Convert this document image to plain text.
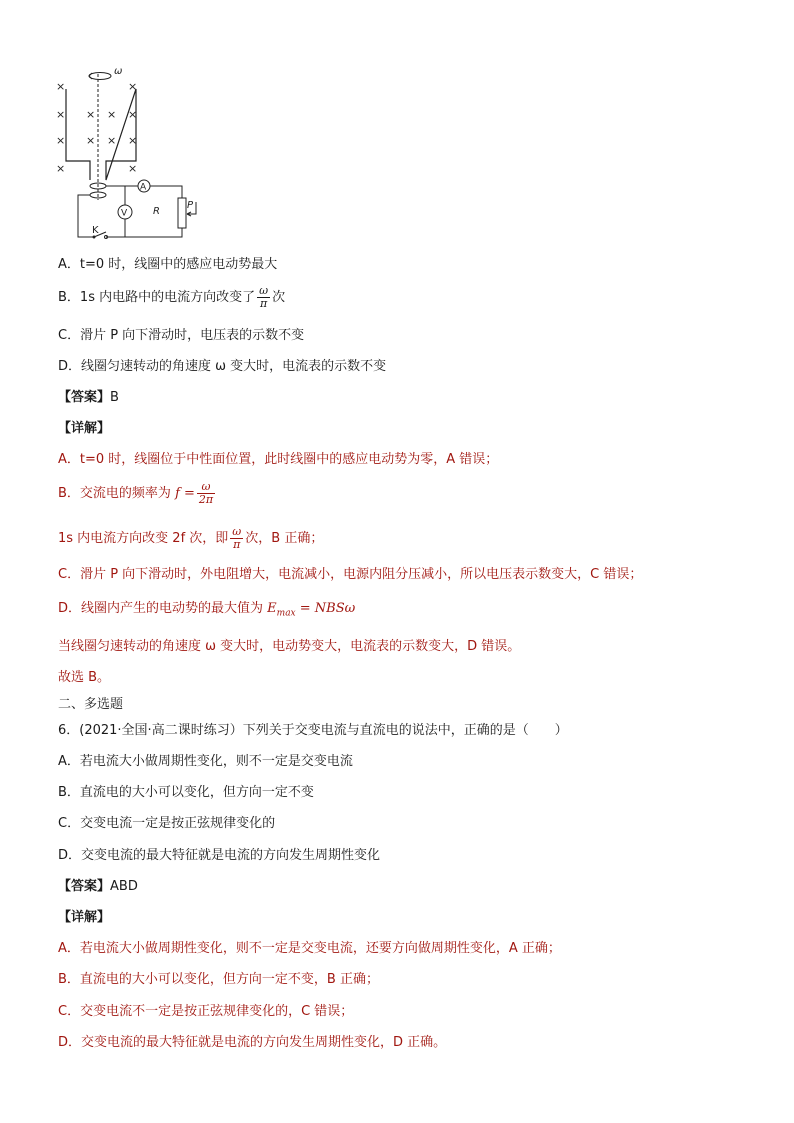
×	×
× × × ×
× × × ×
×	×
ω
K
A
V	R
P
A．t=0 时，线圈中的感应电动势最大
B．1s 内电路中的电流方向改变了 $\frac{\omega}{\pi}$ 次
C．滑片 P 向下滑动时，电压表的示数不变
D．线圈匀速转动的角速度 ω 变大时，电流表的示数不变
【答案】B
【详解】
A．t=0 时，线圈位于中性面位置，此时线圈中的感应电动势为零，A 错误；
B．交流电的频率为 $f = \frac{\omega}{2\pi}$
1s 内电流方向改变 2f 次，即 $\frac{\omega}{\pi}$ 次，B 正确；
C．滑片 P 向下滑动时，外电阻增大，电流减小，电源内阻分压减小，所以电压表示数变大，C 错误；
D．线圈内产生的电动势的最大值为 $E_{max} = NBS\omega$
当线圈匀速转动的角速度 ω 变大时，电动势变大，电流表的示数变大，D 错误。
故选 B。
二、多选题
6．(2021·全国·高二课时练习）下列关于交变电流与直流电的说法中，正确的是（　　）
A．若电流大小做周期性变化，则不一定是交变电流
B．直流电的大小可以变化，但方向一定不变
C．交变电流一定是按正弦规律变化的
D．交变电流的最大特征就是电流的方向发生周期性变化
【答案】ABD
【详解】
A．若电流大小做周期性变化，则不一定是交变电流，还要方向做周期性变化，A 正确；
B．直流电的大小可以变化，但方向一定不变，B 正确；
C．交变电流不一定是按正弦规律变化的，C 错误；
D．交变电流的最大特征就是电流的方向发生周期性变化，D 正确。
